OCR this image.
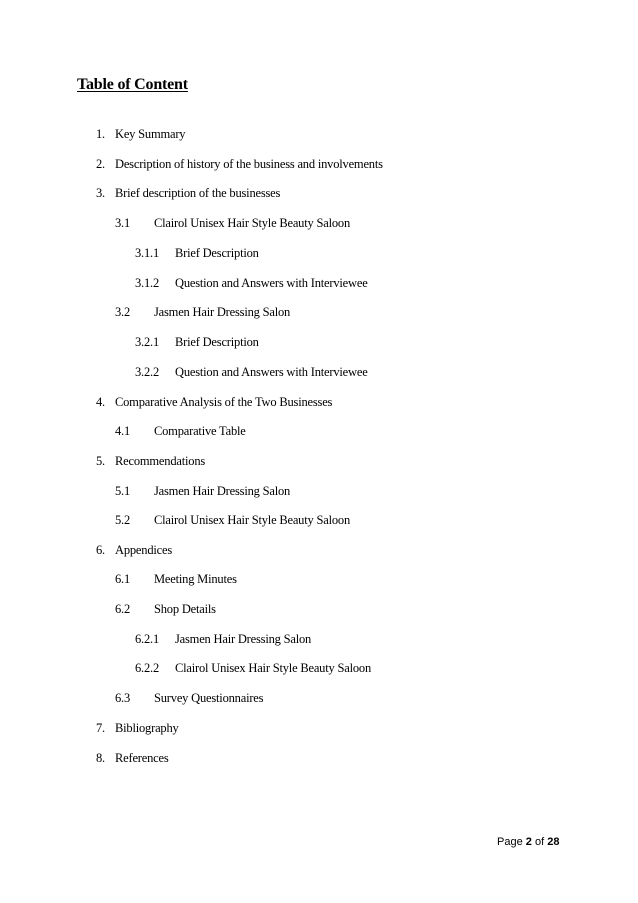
Table of Content
1. Key Summary
2. Description of history of the business and involvements
3. Brief description of the businesses
3.1 Clairol Unisex Hair Style Beauty Saloon
3.1.1 Brief Description
3.1.2 Question and Answers with Interviewee
3.2 Jasmen Hair Dressing Salon
3.2.1 Brief Description
3.2.2 Question and Answers with Interviewee
4. Comparative Analysis of the Two Businesses
4.1 Comparative Table
5. Recommendations
5.1 Jasmen Hair Dressing Salon
5.2 Clairol Unisex Hair Style Beauty Saloon
6. Appendices
6.1 Meeting Minutes
6.2 Shop Details
6.2.1 Jasmen Hair Dressing Salon
6.2.2 Clairol Unisex Hair Style Beauty Saloon
6.3 Survey Questionnaires
7. Bibliography
8. References
Page 2 of 28
